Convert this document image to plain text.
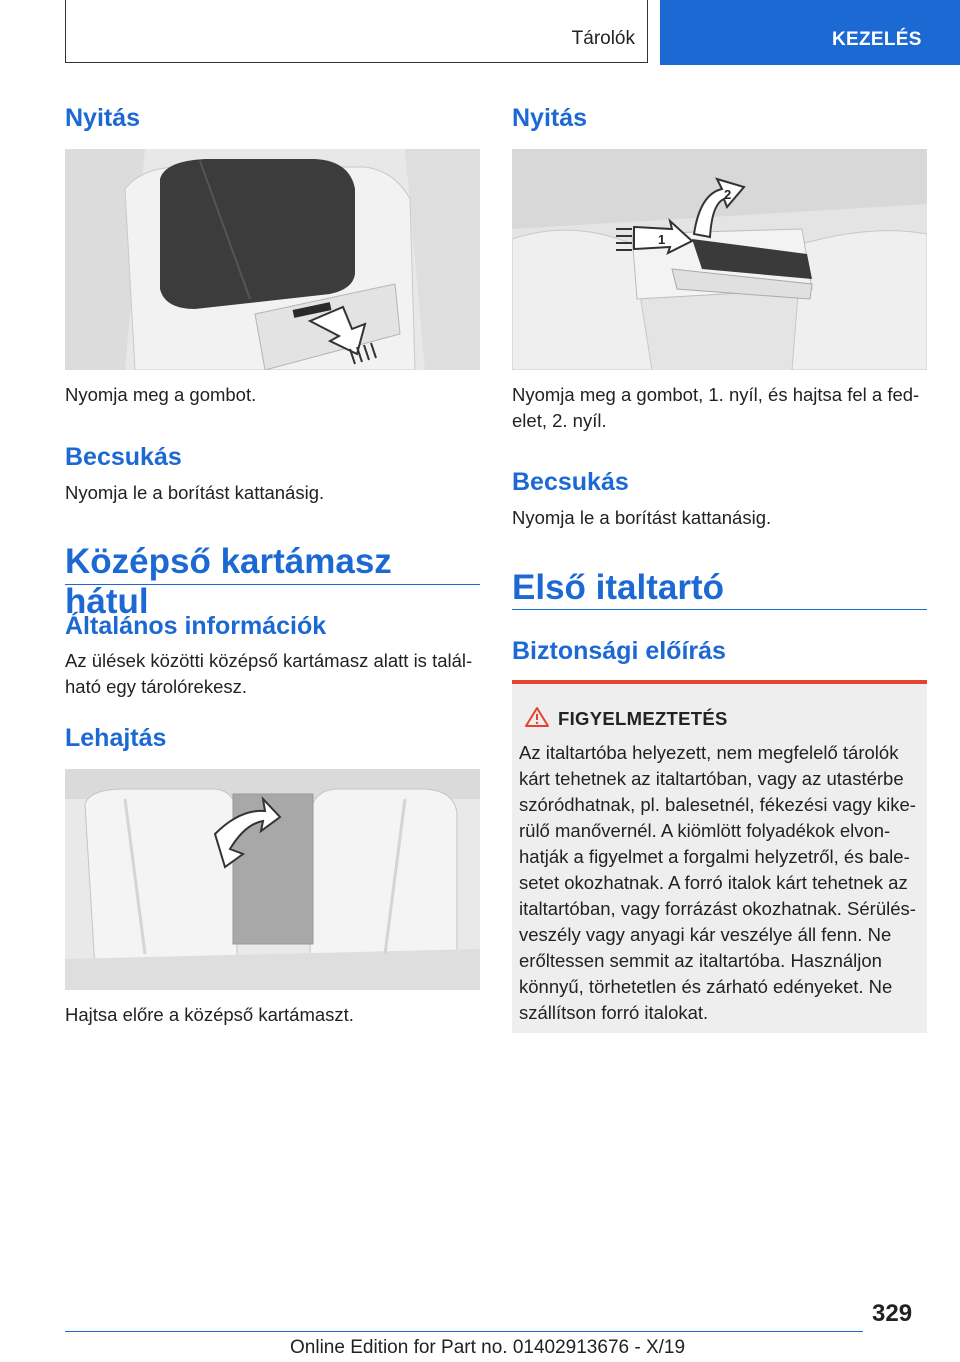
Tárolók	KEZELÉS
Nyitás

Nyomja meg a gombot.

Becsukás

Nyomja le a borítást kattanásig.

Középső kartámasz hátul
Általános információk

Az ülések közötti középső kartámasz alatt is talál-

ható egy tárolórekesz.

Lehajtás

Hajtsa előre a középső kartámaszt.

Nyitás
1
2

Nyomja meg a gombot, 1. nyíl, és hajtsa fel a fed-

elet, 2. nyíl.

Becsukás

Nyomja le a borítást kattanásig.

Első italtartó
Biztonsági előírás
FIGYELMEZTETÉS
Az italtartóba helyezett, nem megfelelő tárolók
kárt tehetnek az italtartóban, vagy az utastérbe
szóródhatnak, pl. balesetnél, fékezési vagy kike-
rülő manővernél. A kiömlött folyadékok elvon-
hatják a figyelmet a forgalmi helyzetről, és bale-
setet okozhatnak. A forró italok kárt tehetnek az
italtartóban, vagy forrázást okozhatnak. Sérülés-
veszély vagy anyagi kár veszélye áll fenn. Ne
erőltessen semmit az italtartóba. Használjon
könnyű, törhetetlen és zárható edényeket. Ne
szállítson forró italokat.
329
Online Edition for Part no. 01402913676 - X/19
